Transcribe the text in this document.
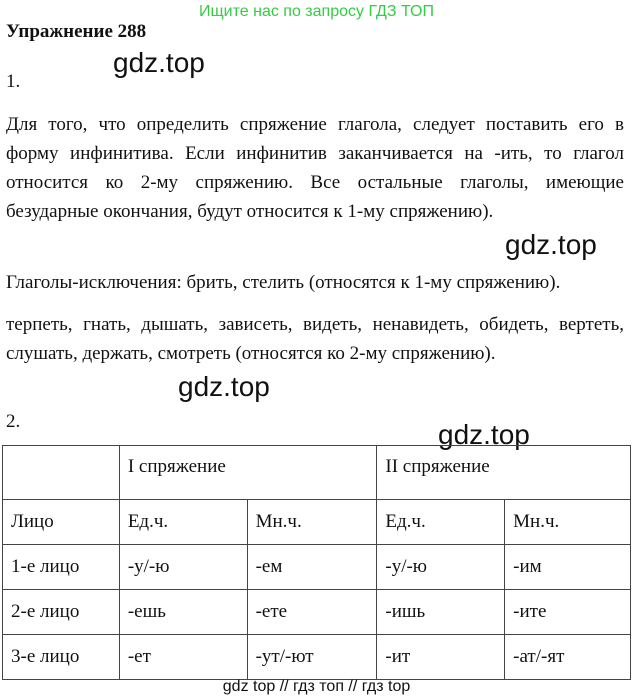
Ищите нас по запросу ГДЗ ТОП
Упражнение 288
1.
gdz.top
Для того, что определить спряжение глагола, следует поставить его в форму инфинитива. Если инфинитив заканчивается на -ить, то глагол относится ко 2-му спряжению. Все остальные глаголы, имеющие безударные окончания, будут относится к 1-му спряжению).
gdz.top
Глаголы-исключения: брить, стелить (относятся к 1-му спряжению).
терпеть, гнать, дышать, зависеть, видеть, ненавидеть, обидеть, вертеть, слушать, держать, смотреть (относятся ко 2-му спряжению).
gdz.top
2.	gdz.top
	I спряжение		II спряжение	
Лицо	Ед.ч.	Мн.ч.	Ед.ч.	Мн.ч.
1-е лицо	-у/-ю	-ем	-у/-ю	-им
2-е лицо	-ешь	-ете	-ишь	-ите
3-е лицо	-ет	-ут/-ют	-ит	-ат/-ят
gdz top // гдз топ // гдз top
